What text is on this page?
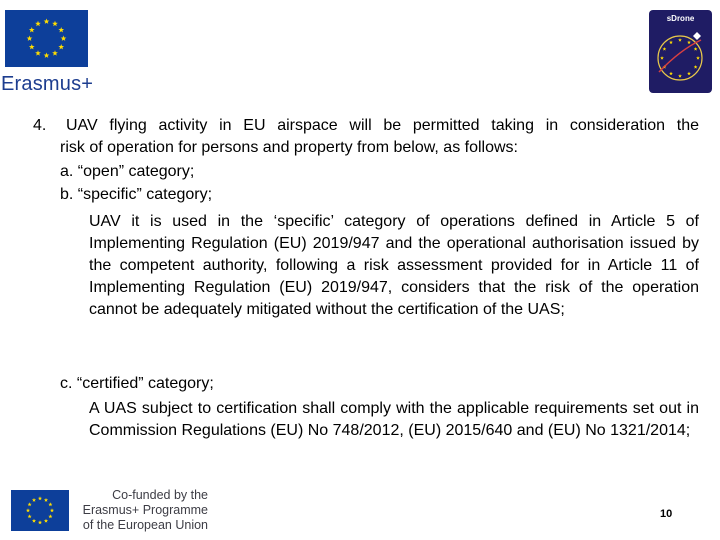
Erasmus+
sDrone
4. UAV flying activity in EU airspace will be permitted taking in consideration the
risk of operation for persons and property from below, as follows:
a. “open” category;
b. “specific” category;
UAV it is used in the ‘specific’ category of operations defined in Article 5 of Implementing Regulation (EU) 2019/947 and the operational authorisation issued by the competent authority, following a risk assessment provided for in Article 11 of Implementing Regulation (EU) 2019/947, considers that the risk of the operation cannot be adequately mitigated without the certification of the UAS;
c. “certified” category;
A UAS subject to certification shall comply with the applicable requirements set out in Commission Regulations (EU) No 748/2012, (EU) 2015/640 and (EU) No 1321/2014;
Co-funded by the
Erasmus+ Programme
of the European Union
10
